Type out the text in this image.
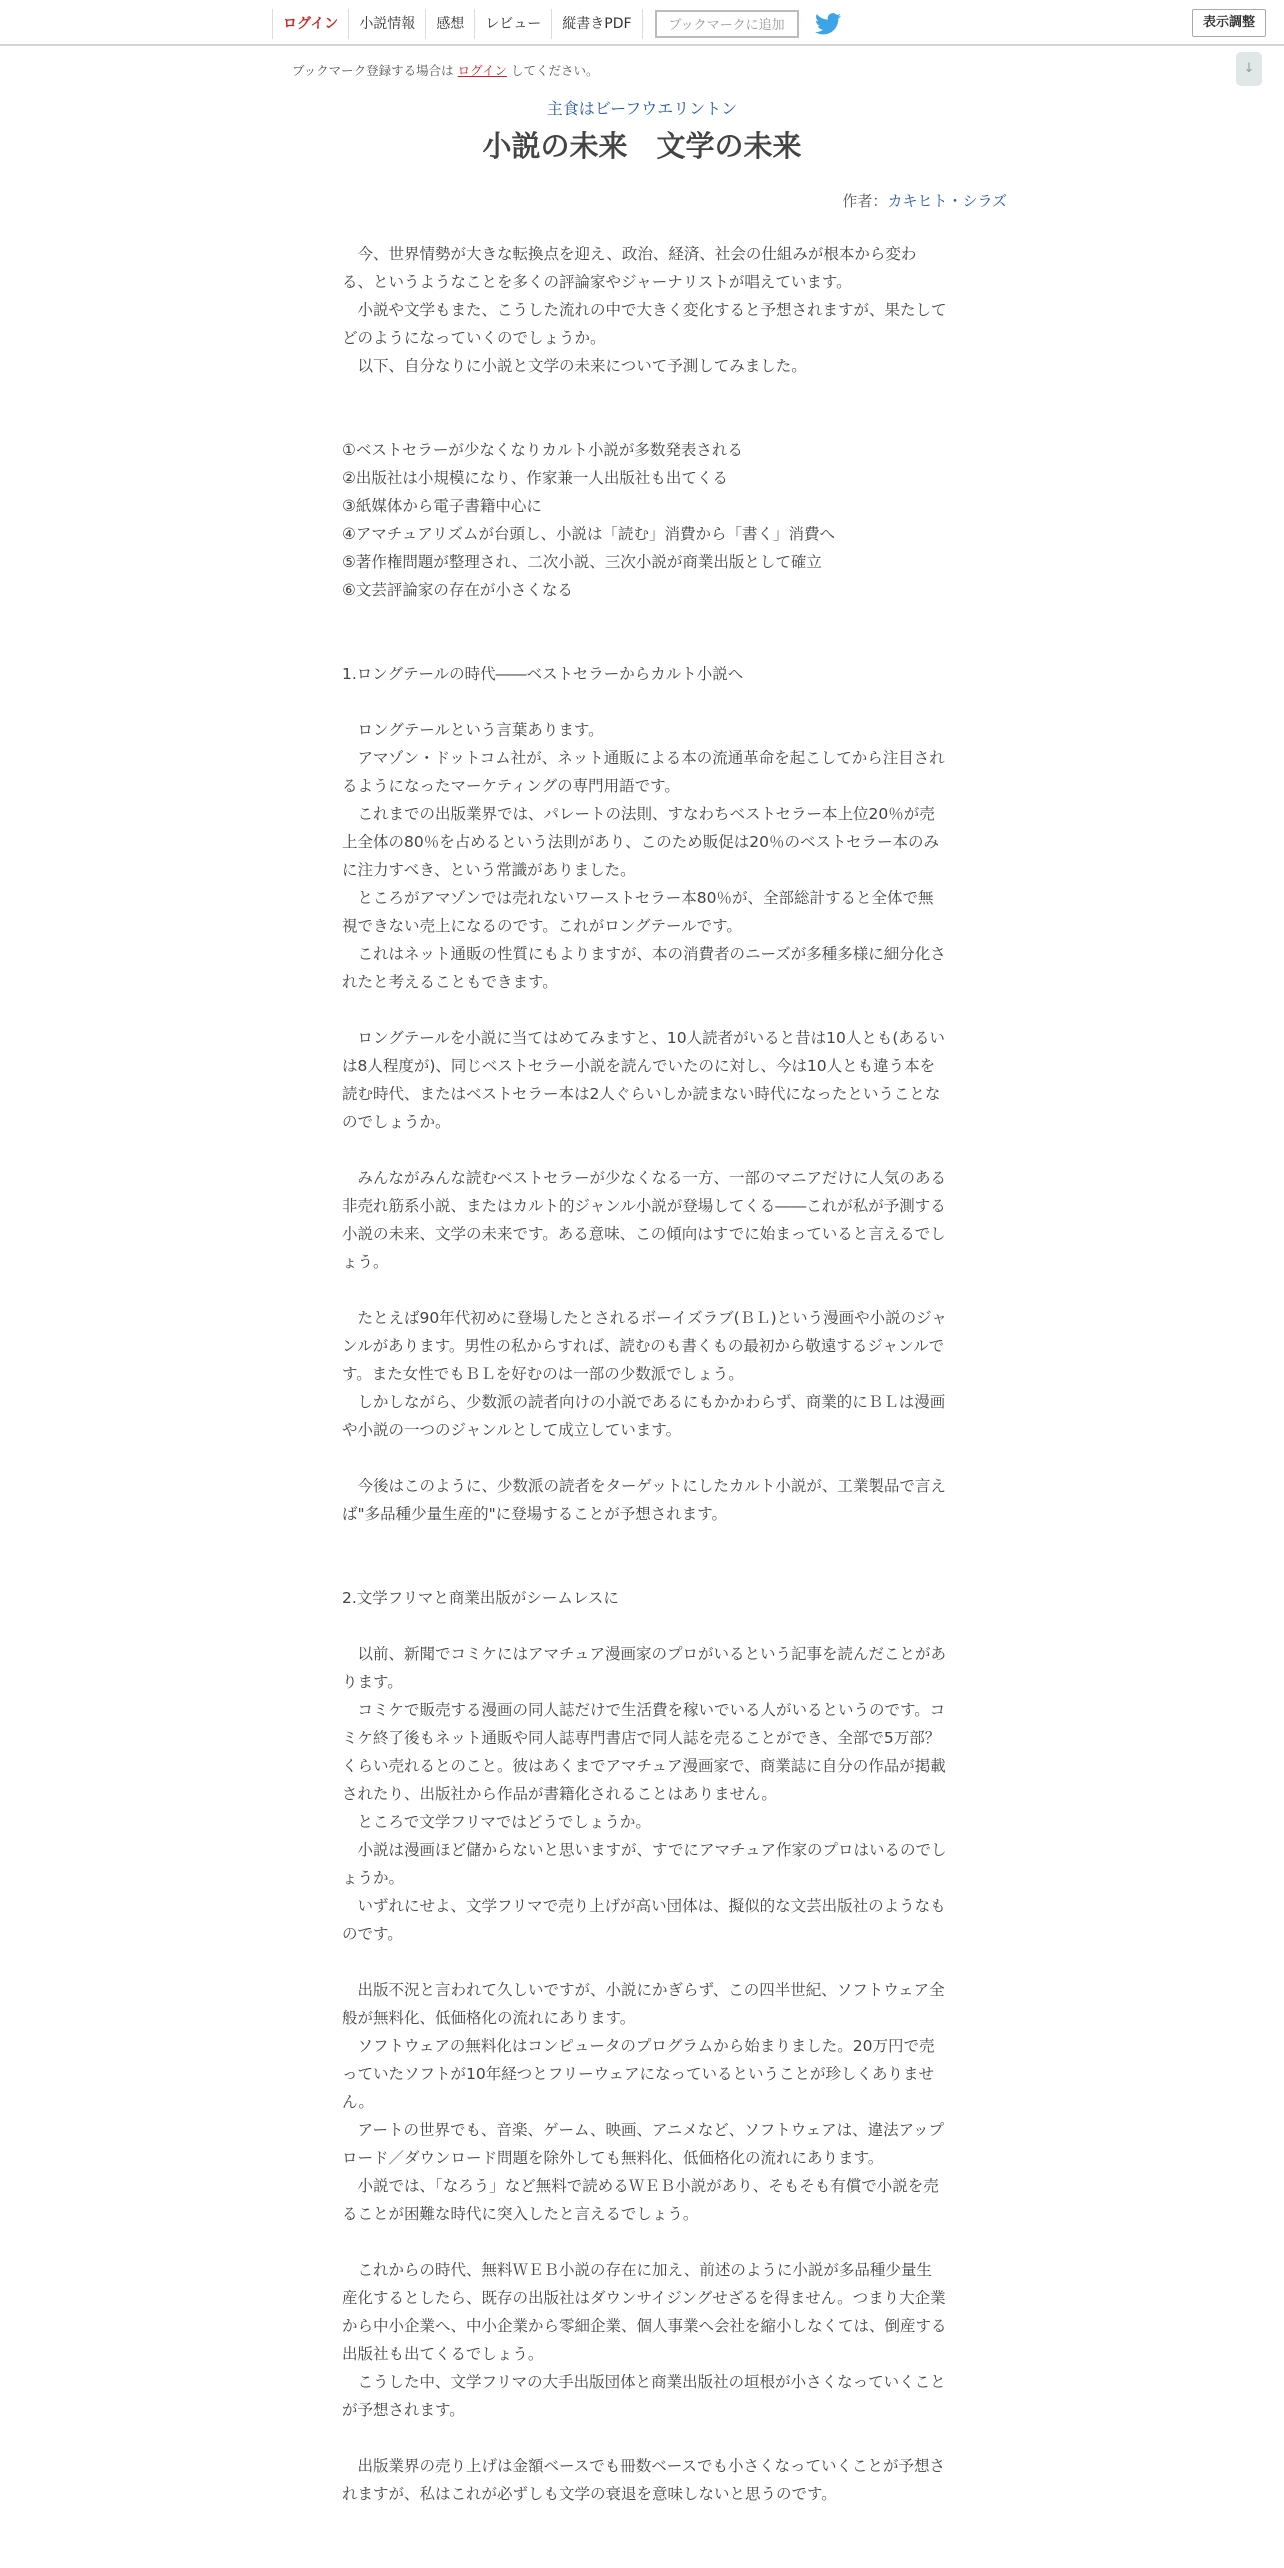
ログイン	小説情報	感想	レビュー	縦書きPDF	ブックマークに追加	表示調整
ブックマーク登録する場合は ログイン してください。	↓
主食はビーフウエリントン
小説の未来　文学の未来
作者：カキヒト・シラズ

　今、世界情勢が大きな転換点を迎え、政治、経済、社会の仕組みが根本から変わる、というようなことを多くの評論家やジャーナリストが唱えています。

　小説や文学もまた、こうした流れの中で大きく変化すると予想されますが、果たしてどのようになっていくのでしょうか。

　以下、自分なりに小説と文学の未来について予測してみました。

①ベストセラーが少なくなりカルト小説が多数発表される

②出版社は小規模になり、作家兼一人出版社も出てくる

③紙媒体から電子書籍中心に

④アマチュアリズムが台頭し、小説は「読む」消費から「書く」消費へ

⑤著作権問題が整理され、二次小説、三次小説が商業出版として確立

⑥文芸評論家の存在が小さくなる

1.ロングテールの時代――ベストセラーからカルト小説へ

　ロングテールという言葉あります。

　アマゾン・ドットコム社が、ネット通販による本の流通革命を起こしてから注目されるようになったマーケティングの専門用語です。

　これまでの出版業界では、パレートの法則、すなわちベストセラー本上位20％が売上全体の80％を占めるという法則があり、このため販促は20％のベストセラー本のみに注力すべき、という常識がありました。

　ところがアマゾンでは売れないワーストセラー本80％が、全部総計すると全体で無視できない売上になるのです。これがロングテールです。

　これはネット通販の性質にもよりますが、本の消費者のニーズが多種多様に細分化されたと考えることもできます。

　ロングテールを小説に当てはめてみますと、10人読者がいると昔は10人とも(あるいは8人程度が)、同じベストセラー小説を読んでいたのに対し、今は10人とも違う本を読む時代、またはベストセラー本は2人ぐらいしか読まない時代になったということなのでしょうか。

　みんながみんな読むベストセラーが少なくなる一方、一部のマニアだけに人気のある非売れ筋系小説、またはカルト的ジャンル小説が登場してくる――これが私が予測する小説の未来、文学の未来です。ある意味、この傾向はすでに始まっていると言えるでしょう。

　たとえば90年代初めに登場したとされるボーイズラブ(ＢＬ)という漫画や小説のジャンルがあります。男性の私からすれば、読むのも書くもの最初から敬遠するジャンルです。また女性でもＢＬを好むのは一部の少数派でしょう。

　しかしながら、少数派の読者向けの小説であるにもかかわらず、商業的にＢＬは漫画や小説の一つのジャンルとして成立しています。

　今後はこのように、少数派の読者をターゲットにしたカルト小説が、工業製品で言えば"多品種少量生産的"に登場することが予想されます。

2.文学フリマと商業出版がシームレスに

　以前、新聞でコミケにはアマチュア漫画家のプロがいるという記事を読んだことがあります。

　コミケで販売する漫画の同人誌だけで生活費を稼いでいる人がいるというのです。コミケ終了後もネット通販や同人誌専門書店で同人誌を売ることができ、全部で5万部？くらい売れるとのこと。彼はあくまでアマチュア漫画家で、商業誌に自分の作品が掲載されたり、出版社から作品が書籍化されることはありません。

　ところで文学フリマではどうでしょうか。

　小説は漫画ほど儲からないと思いますが、すでにアマチュア作家のプロはいるのでしょうか。

　いずれにせよ、文学フリマで売り上げが高い団体は、擬似的な文芸出版社のようなものです。

　出版不況と言われて久しいですが、小説にかぎらず、この四半世紀、ソフトウェア全般が無料化、低価格化の流れにあります。

　ソフトウェアの無料化はコンピュータのプログラムから始まりました。20万円で売っていたソフトが10年経つとフリーウェアになっているということが珍しくありません。

　アートの世界でも、音楽、ゲーム、映画、アニメなど、ソフトウェアは、違法アップロード／ダウンロード問題を除外しても無料化、低価格化の流れにあります。

　小説では、「なろう」など無料で読めるＷＥＢ小説があり、そもそも有償で小説を売ることが困難な時代に突入したと言えるでしょう。

　これからの時代、無料ＷＥＢ小説の存在に加え、前述のように小説が多品種少量生産化するとしたら、既存の出版社はダウンサイジングせざるを得ません。つまり大企業から中小企業へ、中小企業から零細企業、個人事業へ会社を縮小しなくては、倒産する出版社も出てくるでしょう。

　こうした中、文学フリマの大手出版団体と商業出版社の垣根が小さくなっていくことが予想されます。

　出版業界の売り上げは金額ベースでも冊数ベースでも小さくなっていくことが予想されますが、私はこれが必ずしも文学の衰退を意味しないと思うのです。
